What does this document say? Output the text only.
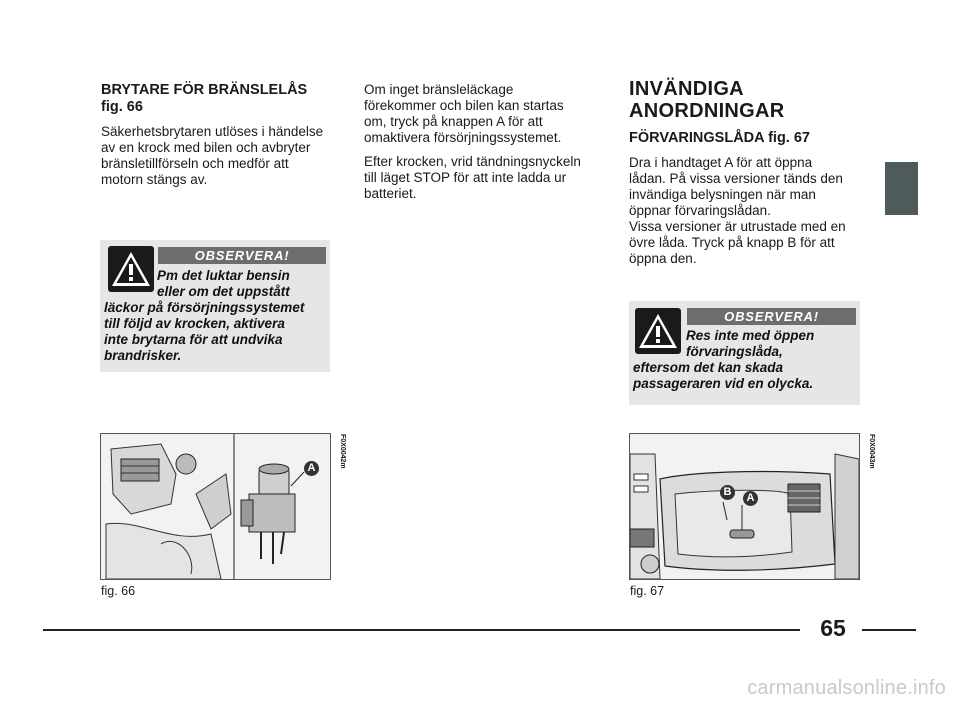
BRYTARE FÖR BRÄNSLELÅS
fig. 66
Säkerhetsbrytaren utlöses i händelse
av en krock med bilen och avbryter
bränsletillförseln och medför att
motorn stängs av.
OBSERVERA!
Pm det luktar bensin
eller om det uppstått
läckor på försörjningssystemet
till följd av krocken, aktivera
inte brytarna för att undvika
brandrisker.
A	F0X0042m
fig. 66
Om inget bränsleläckage
förekommer och bilen kan startas
om, tryck på knappen A för att
omaktivera försörjningssystemet.
Efter krocken, vrid tändningsnyckeln
till läget STOP för att inte ladda ur
batteriet.
INVÄNDIGA
ANORDNINGAR
FÖRVARINGSLÅDA fig. 67
Dra i handtaget A för att öppna
lådan. På vissa versioner tänds den
invändiga belysningen när man
öppnar förvaringslådan.
Vissa versioner är utrustade med en
övre låda. Tryck på knapp B för att
öppna den.
OBSERVERA!
Res inte med öppen
förvaringslåda,
eftersom det kan skada
passageraren vid en olycka.
B	A
F0X0043m
fig. 67
65
carmanualsonline.info
